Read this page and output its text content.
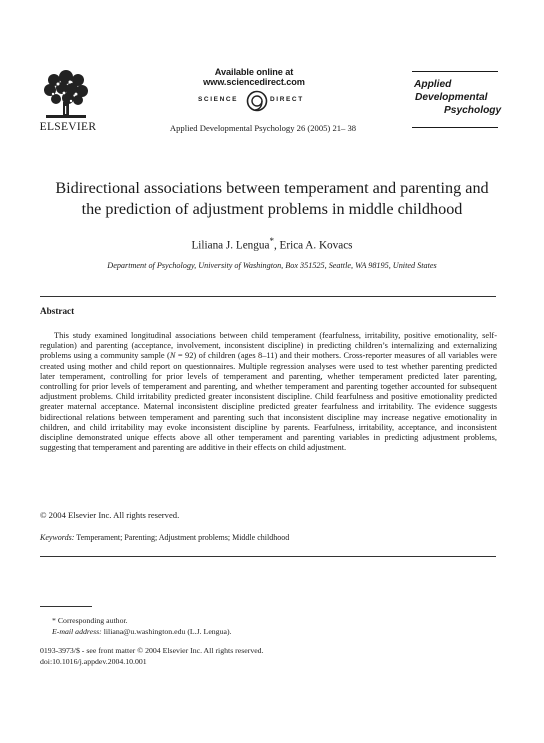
ELSEVIER
Available online at www.sciencedirect.com
SCIENCE	DIRECT
Applied Developmental Psychology 26 (2005) 21– 38
Applied
Developmental
Psychology
Bidirectional associations between temperament and parenting and
the prediction of adjustment problems in middle childhood
Liliana J. Lengua*, Erica A. Kovacs
Department of Psychology, University of Washington, Box 351525, Seattle, WA 98195, United States
Abstract
This study examined longitudinal associations between child temperament (fearfulness, irritability, positive emotionality, self-regulation) and parenting (acceptance, involvement, inconsistent discipline) in predicting children’s internalizing and externalizing problems using a community sample (N = 92) of children (ages 8–11) and their mothers. Cross-reporter measures of all variables were created using mother and child report on questionnaires. Multiple regression analyses were used to test whether parenting predicted later temperament, controlling for prior levels of temperament and parenting, whether temperament predicted later parenting, controlling for prior levels of temperament and parenting, and whether temperament and parenting together accounted for subsequent adjustment problems. Child irritability predicted greater inconsistent discipline. Child fearfulness and positive emotionality predicted greater maternal acceptance. Maternal inconsistent discipline predicted greater fearfulness and irritability. The evidence suggests bidirectional relations between temperament and parenting such that inconsistent discipline may increase negative emotionality in children, and child irritability may evoke inconsistent discipline by parents. Fearfulness, irritability, acceptance, and inconsistent discipline demonstrated unique effects above all other temperament and parenting variables in predicting adjustment problems, suggesting that temperament and parenting are additive in their effects on child adjustment.
© 2004 Elsevier Inc. All rights reserved.
Keywords: Temperament; Parenting; Adjustment problems; Middle childhood
* Corresponding author.
E-mail address: liliana@u.washington.edu (L.J. Lengua).
0193-3973/$ - see front matter © 2004 Elsevier Inc. All rights reserved.
doi:10.1016/j.appdev.2004.10.001
